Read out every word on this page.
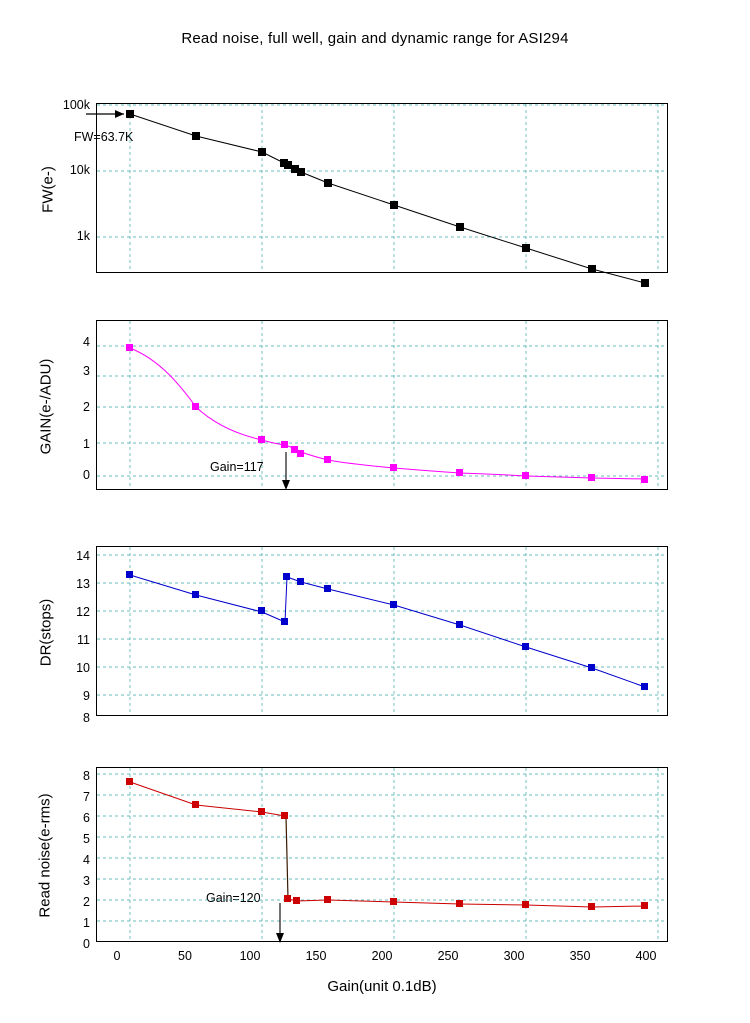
Read noise, full well, gain and dynamic range for ASI294
FW(e-)
GAIN(e-/ADU)
DR(stops)
Read noise(e-rms)
Gain(unit 0.1dB)
100k
10k
1k
4
3
2
1
0
14
13
12
11
10
9
8
8
7
6
5
4
3
2
1
0
0	50	100	150	200	250	300	350	400
FW=63.7K
Gain=117
Gain=120
